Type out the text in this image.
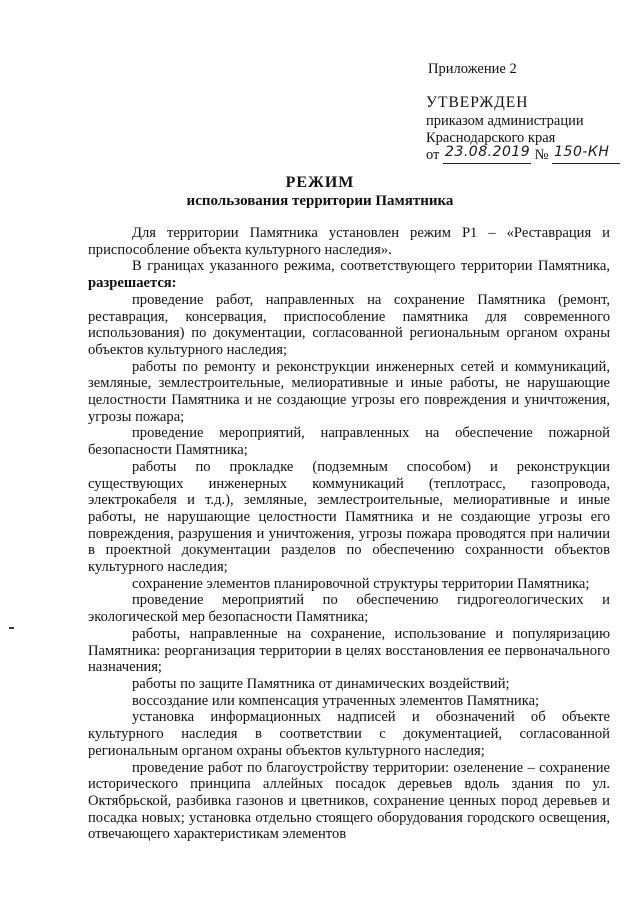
Приложение 2
УТВЕРЖДЕН
приказом администрации
Краснодарского края
от 23.08.2019 № 150-КН
РЕЖИМ
использования территории Памятника

Для территории Памятника установлен режим Р1 – «Реставрация и приспособление объекта культурного наследия».

В границах указанного режима, соответствующего территории Памятника, разрешается:

проведение работ, направленных на сохранение Памятника (ремонт, реставрация, консервация, приспособление памятника для современного использования) по документации, согласованной региональным органом охраны объектов культурного наследия;

работы по ремонту и реконструкции инженерных сетей и коммуникаций, земляные, землестроительные, мелиоративные и иные работы, не нарушающие целостности Памятника и не создающие угрозы его повреждения и уничтожения, угрозы пожара;

проведение мероприятий, направленных на обеспечение пожарной безопасности Памятника;

работы по прокладке (подземным способом) и реконструкции существующих инженерных коммуникаций (теплотрасс, газопровода, электрокабеля и т.д.), земляные, землестроительные, мелиоративные и иные работы, не нарушающие целостности Памятника и не создающие угрозы его повреждения, разрушения и уничтожения, угрозы пожара проводятся при наличии в проектной документации разделов по обеспечению сохранности объектов культурного наследия;

сохранение элементов планировочной структуры территории Памятника;

проведение мероприятий по обеспечению гидрогеологических и экологической мер безопасности Памятника;

работы, направленные на сохранение, использование и популяризацию Памятника: реорганизация территории в целях восстановления ее первоначального назначения;

работы по защите Памятника от динамических воздействий;

воссоздание или компенсация утраченных элементов Памятника;

установка информационных надписей и обозначений об объекте культурного наследия в соответствии с документацией, согласованной региональным органом охраны объектов культурного наследия;

проведение работ по благоустройству территории: озеленение – сохранение исторического принципа аллейных посадок деревьев вдоль здания по ул. Октябрьской, разбивка газонов и цветников, сохранение ценных пород деревьев и посадка новых; установка отдельно стоящего оборудования городского освещения, отвечающего характеристикам элементов
